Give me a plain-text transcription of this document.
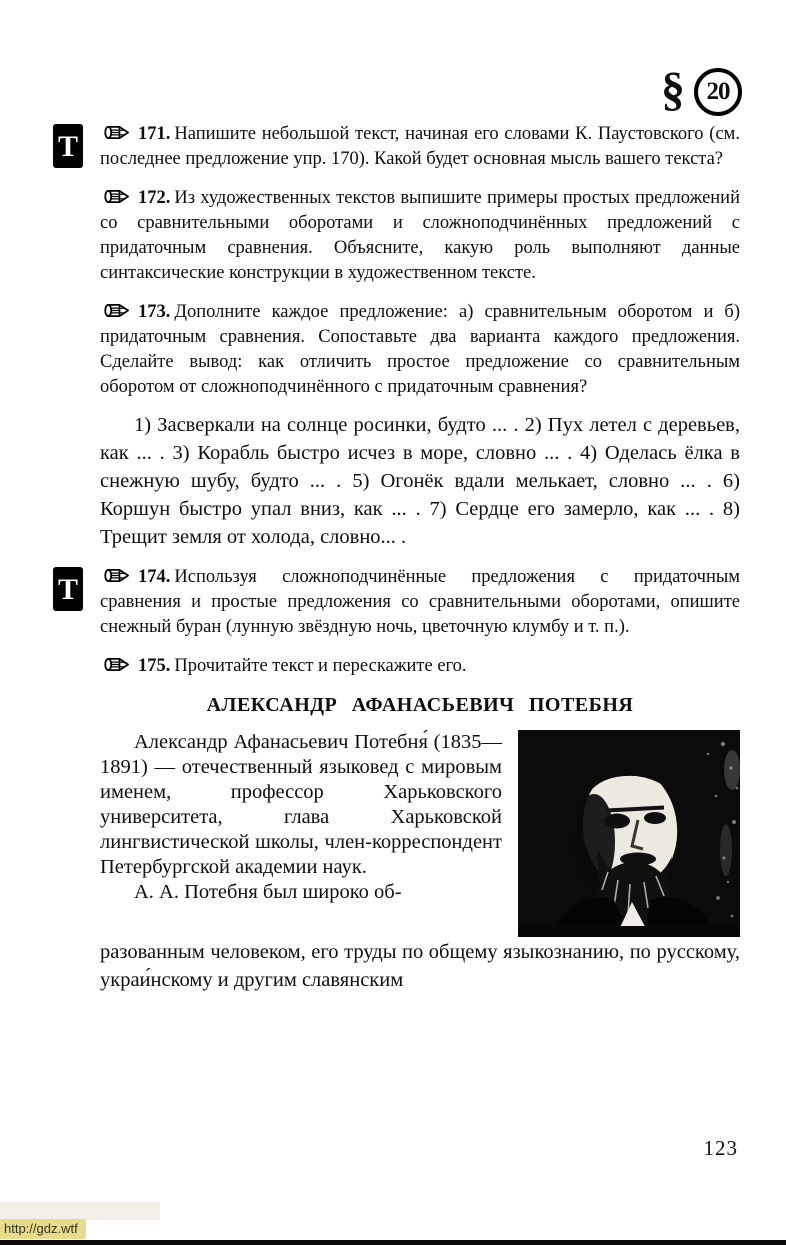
§ 20
Т	171. Напишите небольшой текст, начиная его словами К. Паустовского (см. последнее предложение упр. 170). Какой будет основная мысль вашего текста?

172. Из художественных текстов выпишите примеры простых предложений со сравнительными оборотами и сложноподчинённых предложений с придаточным сравнения. Объясните, какую роль выполняют данные синтаксические конструкции в художественном тексте.

173. Дополните каждое предложение: а) сравнительным оборотом и б) придаточным сравнения. Сопоставьте два варианта каждого предложения. Сделайте вывод: как отличить простое предложение со сравнительным оборотом от сложноподчинённого с придаточным сравнения?

1) Засверкали на солнце росинки, будто ... . 2) Пух летел с деревьев, как ... . 3) Корабль быстро исчез в море, словно ... . 4) Оделась ёлка в снежную шубу, будто ... . 5) Огонёк вдали мелькает, словно ... . 6) Коршун быстро упал вниз, как ... . 7) Сердце его замерло, как ... . 8) Трещит земля от холода, словно... .
Т	174. Используя сложноподчинённые предложения с придаточным сравнения и простые предложения со сравнительными оборотами, опишите снежный буран (лунную звёздную ночь, цветочную клумбу и т. п.).

175. Прочитайте текст и перескажите его.

АЛЕКСАНДР АФАНАСЬЕВИЧ ПОТЕБНЯ

Александр Афанасьевич Потебня́ (1835—1891) — отечественный языковед с мировым именем, профессор Харьковского университета, глава Харьковской лингвистической школы, член-корреспондент Петербургской академии наук.

А. А. Потебня был широко об-

разованным человеком, его труды по общему языкознанию, по русскому, украи́нскому и другим славянским
123
http://gdz.wtf
